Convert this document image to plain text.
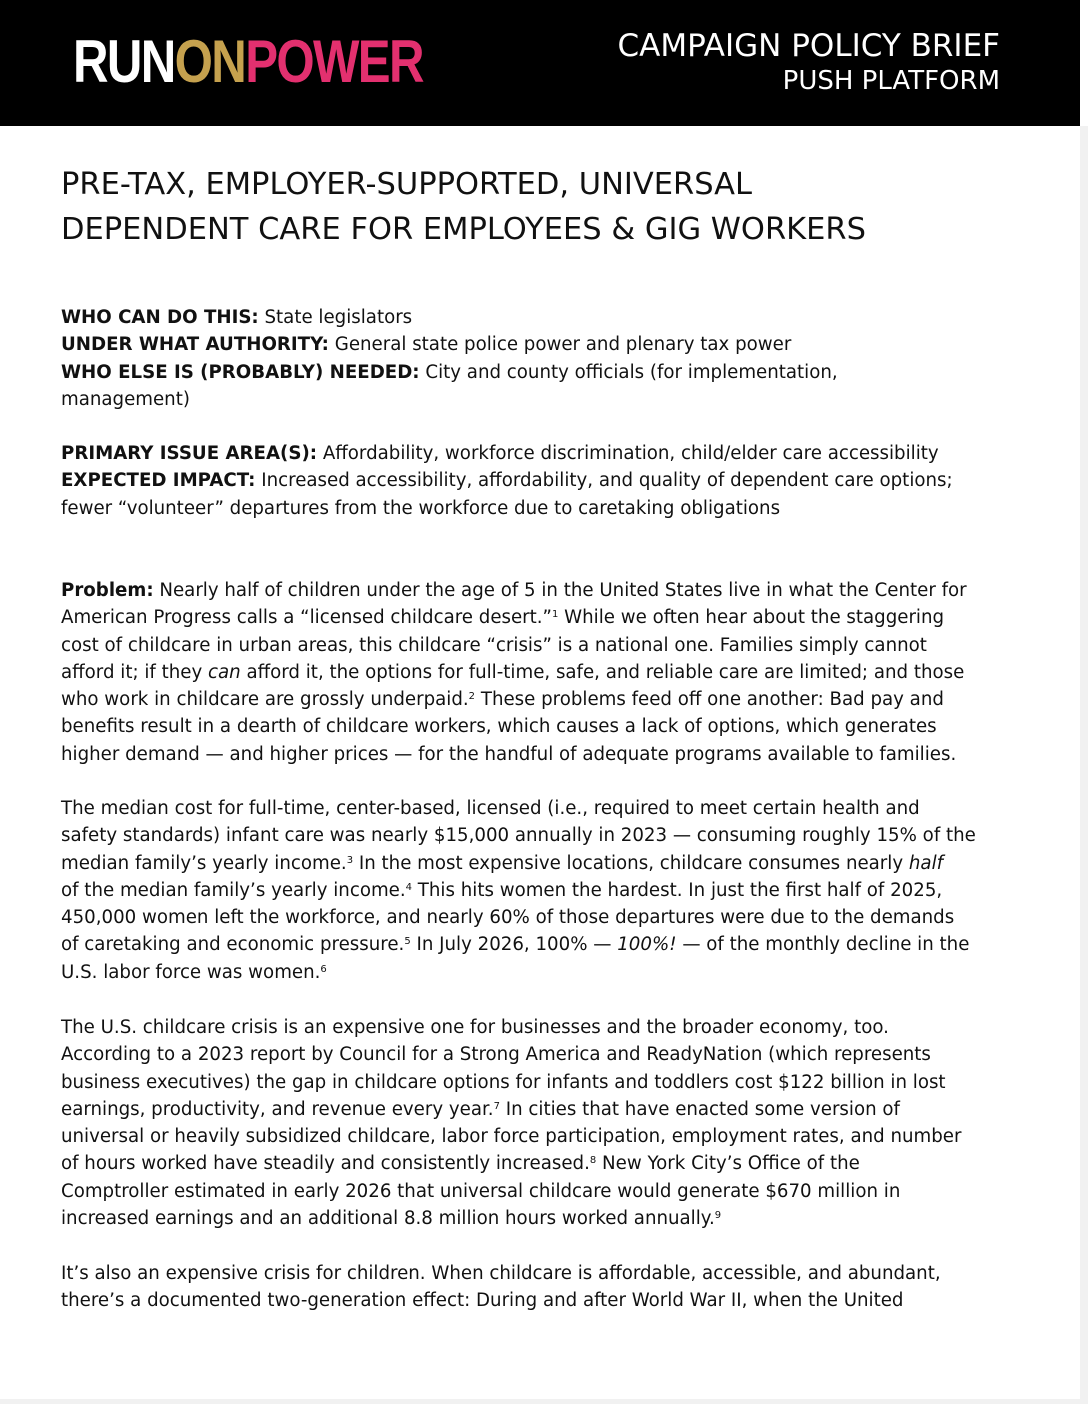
RUNONPOWER	CAMPAIGN POLICY BRIEF
PUSH PLATFORM
PRE-TAX, EMPLOYER-SUPPORTED, UNIVERSAL
DEPENDENT CARE FOR EMPLOYEES & GIG WORKERS
WHO CAN DO THIS: State legislators
UNDER WHAT AUTHORITY: General state police power and plenary tax power
WHO ELSE IS (PROBABLY) NEEDED: City and county officials (for implementation,
management)
PRIMARY ISSUE AREA(S): Affordability, workforce discrimination, child/elder care accessibility
EXPECTED IMPACT: Increased accessibility, affordability, and quality of dependent care options;
fewer “volunteer” departures from the workforce due to caretaking obligations
Problem: Nearly half of children under the age of 5 in the United States live in what the Center for
American Progress calls a “licensed childcare desert.”$^1$ While we often hear about the staggering
cost of childcare in urban areas, this childcare “crisis” is a national one. Families simply cannot
afford it; if they can afford it, the options for full-time, safe, and reliable care are limited; and those
who work in childcare are grossly underpaid.$^2$ These problems feed off one another: Bad pay and
benefits result in a dearth of childcare workers, which causes a lack of options, which generates
higher demand — and higher prices — for the handful of adequate programs available to families.
The median cost for full-time, center-based, licensed (i.e., required to meet certain health and
safety standards) infant care was nearly $15,000 annually in 2023 — consuming roughly 15% of the
median family’s yearly income.$^3$ In the most expensive locations, childcare consumes nearly half
of the median family’s yearly income.$^4$ This hits women the hardest. In just the first half of 2025,
450,000 women left the workforce, and nearly 60% of those departures were due to the demands
of caretaking and economic pressure.$^5$ In July 2026, 100% — 100%! — of the monthly decline in the
U.S. labor force was women.$^6$
The U.S. childcare crisis is an expensive one for businesses and the broader economy, too.
According to a 2023 report by Council for a Strong America and ReadyNation (which represents
business executives) the gap in childcare options for infants and toddlers cost $122 billion in lost
earnings, productivity, and revenue every year.$^7$ In cities that have enacted some version of
universal or heavily subsidized childcare, labor force participation, employment rates, and number
of hours worked have steadily and consistently increased.$^8$ New York City’s Office of the
Comptroller estimated in early 2026 that universal childcare would generate $670 million in
increased earnings and an additional 8.8 million hours worked annually.$^9$
It’s also an expensive crisis for children. When childcare is affordable, accessible, and abundant,
there’s a documented two-generation effect: During and after World War II, when the United
